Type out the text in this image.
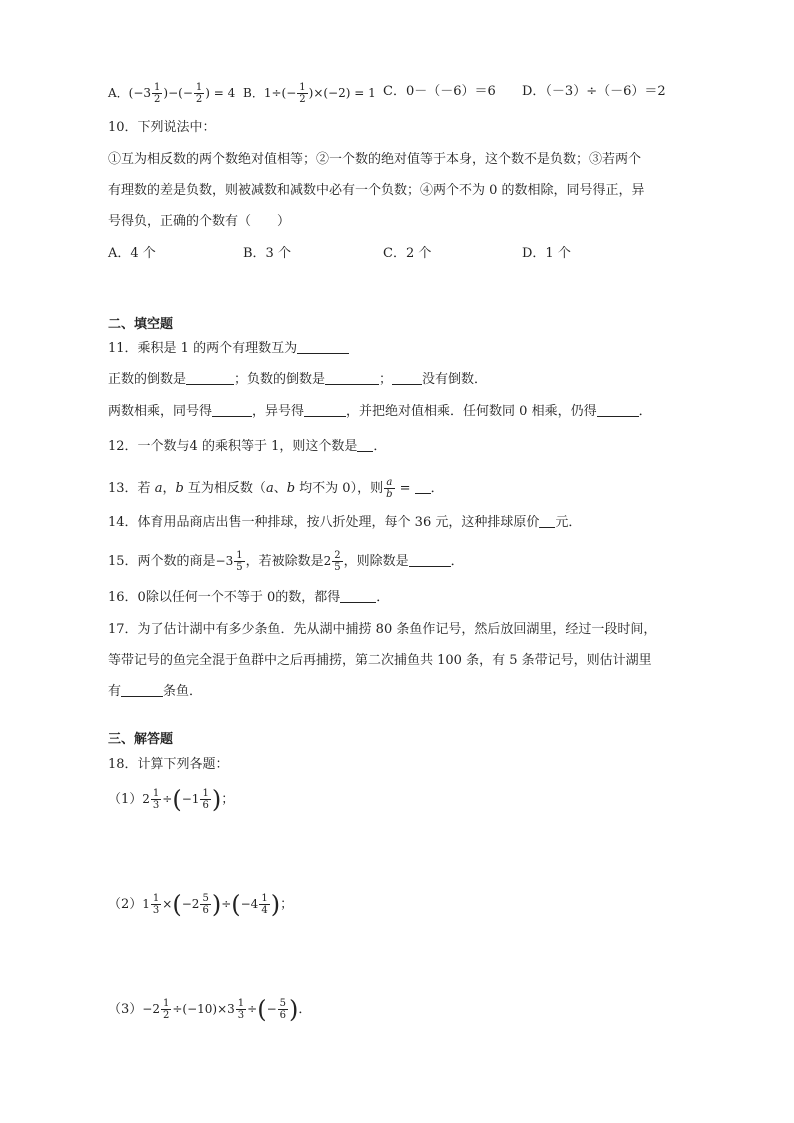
A．($-3 \frac{1}{2}$ )−(− $\frac{1}{2}$ ) = 4 B．$1\div(- \frac{1}{2} )\times(-2) = 1$ C．0－（－6）＝6 D．（－3）÷（－6）＝2
10．下列说法中：
①互为相反数的两个数绝对值相等；②一个数的绝对值等于本身，这个数不是负数；③若两个
有理数的差是负数，则被减数和减数中必有一个负数；④两个不为 0 的数相除，同号得正，异
号得负，正确的个数有（　　）
A．4 个	B．3 个	C．2 个	D．1 个
二、填空题
11．乘积是 1 的两个有理数互为
正数的倒数是	；负数的倒数是	； 没有倒数．
两数相乘，同号得	，异号得	，并把绝对值相乘．任何数同 0 相乘，仍得	．
12．一个数与4 的乘积等于 1，则这个数是 ．
13．若 a，b 互为相反数（a、b 均不为 0），则 $\frac{a}{b}$ = ．
14．体育用品商店出售一种排球，按八折处理，每个 36 元，这种排球原价 元．
15．两个数的商是$-3 \frac{1}{5}$ ，若被除数是$2 \frac{2}{5}$ ，则除数是	．
16．0除以任何一个不等于 0的数，都得	．
17．为了估计湖中有多少条鱼．先从湖中捕捞 80 条鱼作记号，然后放回湖里，经过一段时间，
等带记号的鱼完全混于鱼群中之后再捕捞，第二次捕鱼共 100 条，有 5 条带记号，则估计湖里
有	条鱼．
三、解答题
18．计算下列各题：
$(1)2 \frac{1}{3} \div(-1 \frac{1}{6}$ )；
$(2)1 \frac{1}{3} \times(-2 \frac{5}{6} )\div(-4 \frac{1}{4}$ )；
$(3)-2 \frac{1}{2} \div(-10)\times 3 \frac{1}{3}$ ÷(− $\frac{5}{6}$ )．
